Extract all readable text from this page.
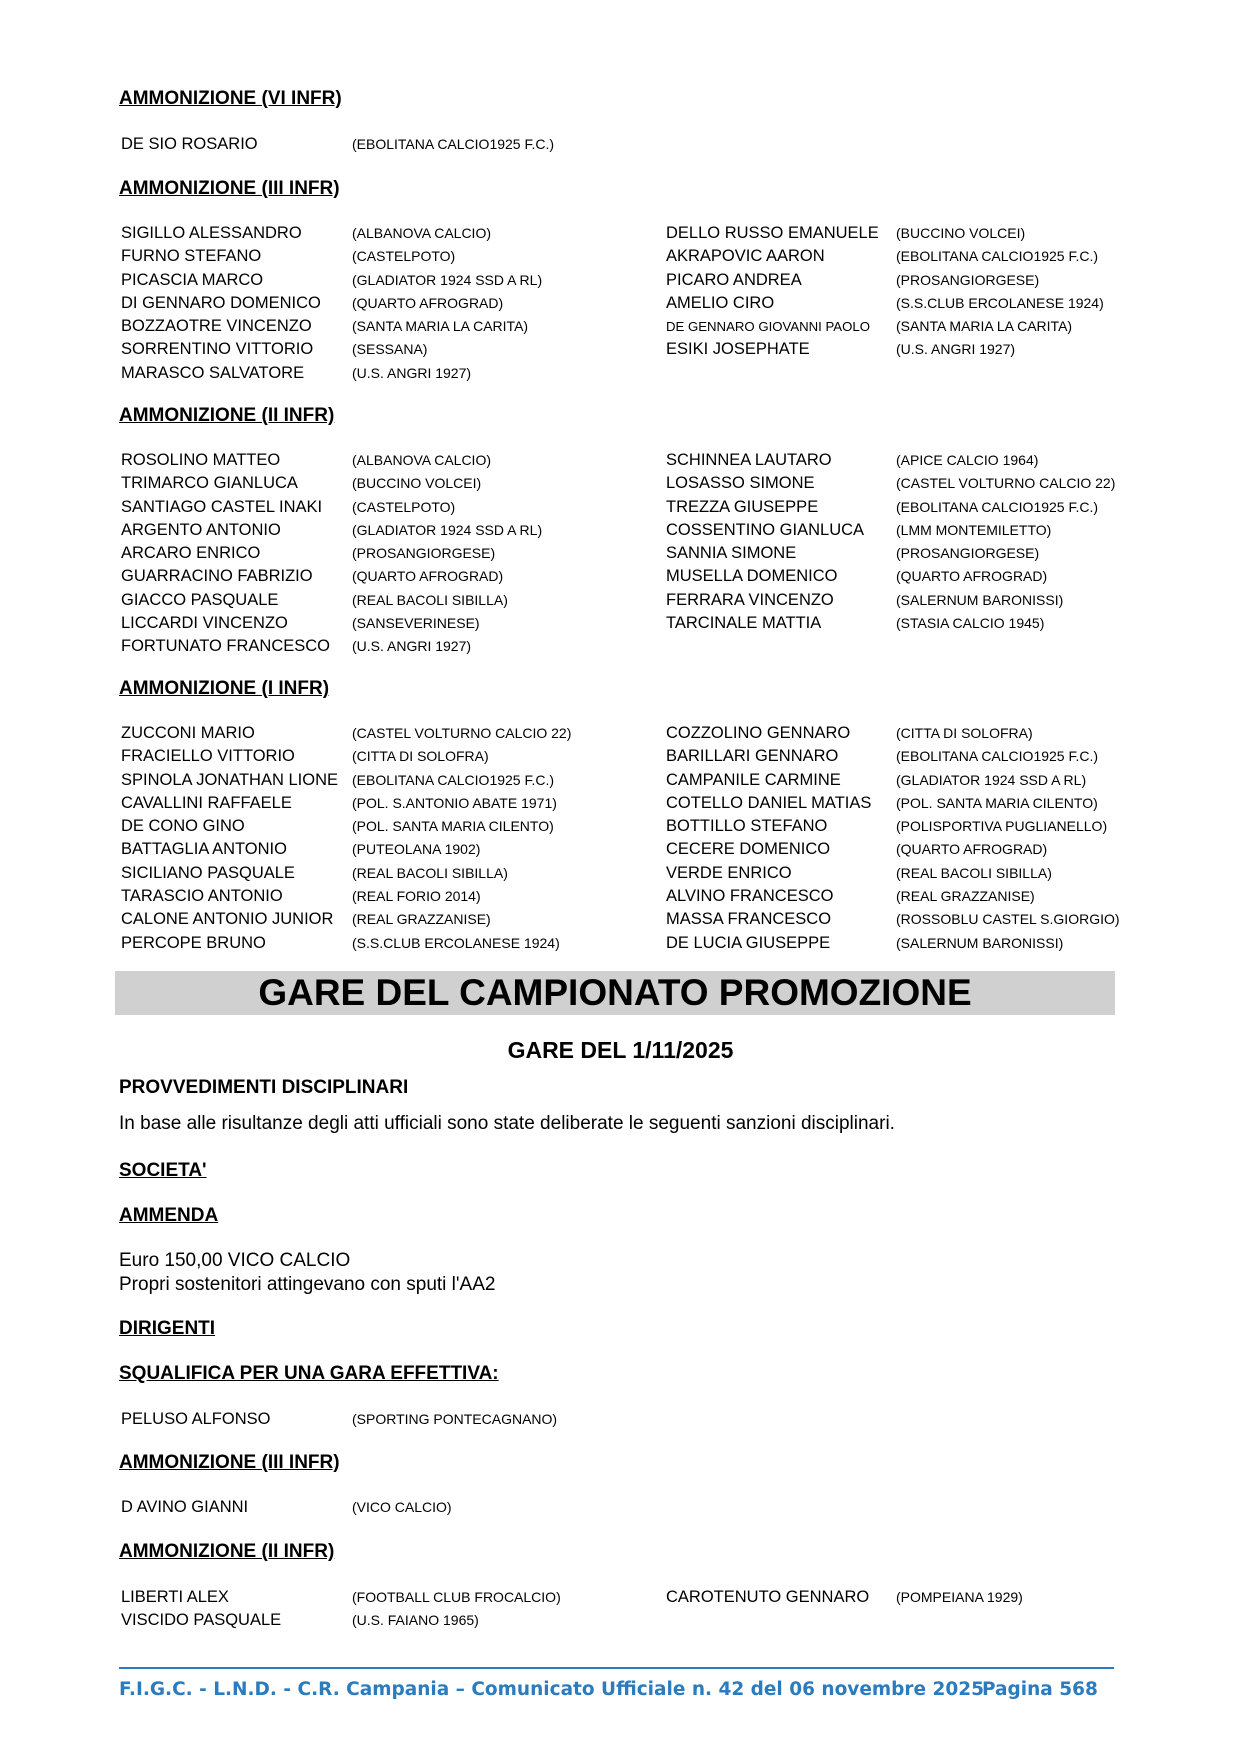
AMMONIZIONE (VI INFR)
DE SIO ROSARIO	(EBOLITANA CALCIO1925 F.C.)
AMMONIZIONE (III INFR)
SIGILLO ALESSANDRO	(ALBANOVA CALCIO)	DELLO RUSSO EMANUELE (BUCCINO VOLCEI)
FURNO STEFANO	(CASTELPOTO)	AKRAPOVIC AARON	(EBOLITANA CALCIO1925 F.C.)
PICASCIA MARCO	(GLADIATOR 1924 SSD A RL)	PICARO ANDREA	(PROSANGIORGESE)
DI GENNARO DOMENICO (QUARTO AFROGRAD)	AMELIO CIRO	(S.S.CLUB ERCOLANESE 1924)
BOZZAOTRE VINCENZO	(SANTA MARIA LA CARITA)	DE GENNARO GIOVANNI PAOLO (SANTA MARIA LA CARITA)
SORRENTINO VITTORIO	(SESSANA)	ESIKI JOSEPHATE	(U.S. ANGRI 1927)
MARASCO SALVATORE	(U.S. ANGRI 1927)
AMMONIZIONE (II INFR)
ROSOLINO MATTEO	(ALBANOVA CALCIO)	SCHINNEA LAUTARO	(APICE CALCIO 1964)
TRIMARCO GIANLUCA	(BUCCINO VOLCEI)	LOSASSO SIMONE	(CASTEL VOLTURNO CALCIO 22)
SANTIAGO CASTEL INAKI (CASTELPOTO)	TREZZA GIUSEPPE	(EBOLITANA CALCIO1925 F.C.)
ARGENTO ANTONIO	(GLADIATOR 1924 SSD A RL)	COSSENTINO GIANLUCA (LMM MONTEMILETTO)
ARCARO ENRICO	(PROSANGIORGESE)	SANNIA SIMONE	(PROSANGIORGESE)
GUARRACINO FABRIZIO	(QUARTO AFROGRAD)	MUSELLA DOMENICO	(QUARTO AFROGRAD)
GIACCO PASQUALE	(REAL BACOLI SIBILLA)	FERRARA VINCENZO	(SALERNUM BARONISSI)
LICCARDI VINCENZO	(SANSEVERINESE)	TARCINALE MATTIA	(STASIA CALCIO 1945)
FORTUNATO FRANCESCO (U.S. ANGRI 1927)
AMMONIZIONE (I INFR)
ZUCCONI MARIO	(CASTEL VOLTURNO CALCIO 22)	COZZOLINO GENNARO	(CITTA DI SOLOFRA)
FRACIELLO VITTORIO	(CITTA DI SOLOFRA)	BARILLARI GENNARO	(EBOLITANA CALCIO1925 F.C.)
SPINOLA JONATHAN LIONE (EBOLITANA CALCIO1925 F.C.)	CAMPANILE CARMINE	(GLADIATOR 1924 SSD A RL)
CAVALLINI RAFFAELE	(POL. S.ANTONIO ABATE 1971)	COTELLO DANIEL MATIAS (POL. SANTA MARIA CILENTO)
DE CONO GINO	(POL. SANTA MARIA CILENTO)	BOTTILLO STEFANO	(POLISPORTIVA PUGLIANELLO)
BATTAGLIA ANTONIO	(PUTEOLANA 1902)	CECERE DOMENICO	(QUARTO AFROGRAD)
SICILIANO PASQUALE	(REAL BACOLI SIBILLA)	VERDE ENRICO	(REAL BACOLI SIBILLA)
TARASCIO ANTONIO	(REAL FORIO 2014)	ALVINO FRANCESCO	(REAL GRAZZANISE)
CALONE ANTONIO JUNIOR (REAL GRAZZANISE)	MASSA FRANCESCO	(ROSSOBLU CASTEL S.GIORGIO)
PERCOPE BRUNO	(S.S.CLUB ERCOLANESE 1924)	DE LUCIA GIUSEPPE	(SALERNUM BARONISSI)
GARE DEL CAMPIONATO PROMOZIONE
GARE DEL 1/11/2025
PROVVEDIMENTI DISCIPLINARI
In base alle risultanze degli atti ufficiali sono state deliberate le seguenti sanzioni disciplinari.
SOCIETA'
AMMENDA
Euro 150,00 VICO CALCIO
Propri sostenitori attingevano con sputi l'AA2
DIRIGENTI
SQUALIFICA PER UNA GARA EFFETTIVA:
PELUSO ALFONSO	(SPORTING PONTECAGNANO)
AMMONIZIONE (III INFR)
D AVINO GIANNI	(VICO CALCIO)
AMMONIZIONE (II INFR)
LIBERTI ALEX	(FOOTBALL CLUB FROCALCIO)	CAROTENUTO GENNARO (POMPEIANA 1929)
VISCIDO PASQUALE	(U.S. FAIANO 1965)
F.I.G.C. - L.N.D. - C.R. Campania – Comunicato Ufficiale n. 42 del 06 novembre 2025
Pagina 568
